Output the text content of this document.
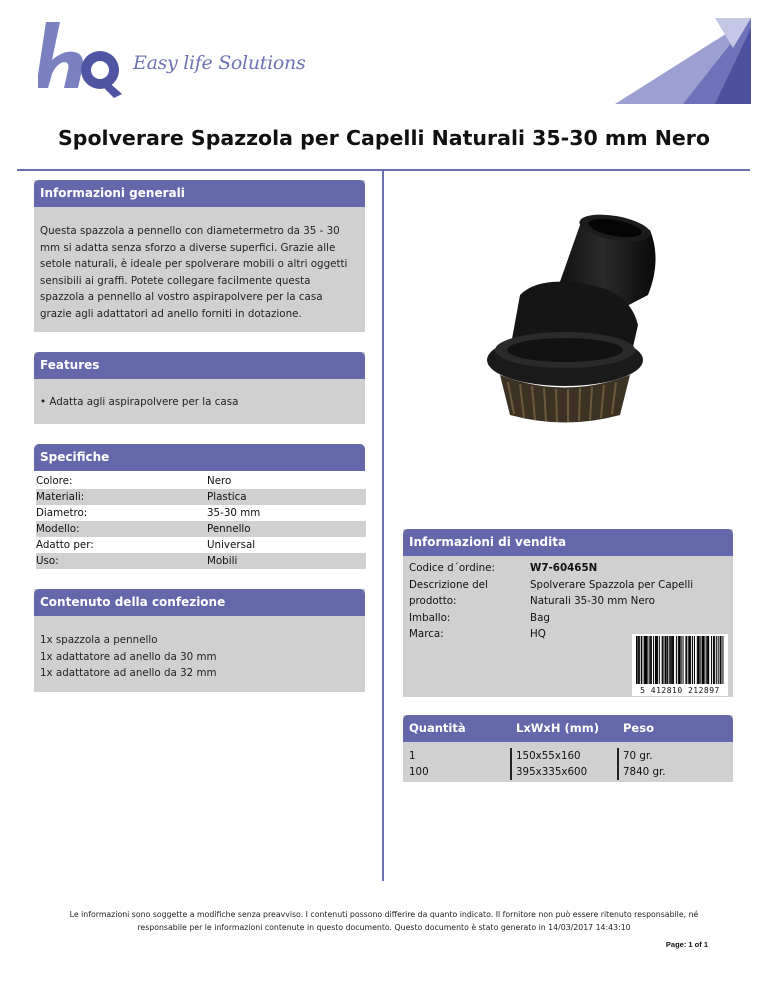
Easy life Solutions
Spolverare Spazzola per Capelli Naturali 35-30 mm Nero
Informazioni generali
Questa spazzola a pennello con diametermetro da 35 - 30
mm si adatta senza sforzo a diverse superfici. Grazie alle
setole naturali, è ideale per spolverare mobili o altri oggetti
sensibili ai graffi. Potete collegare facilmente questa
spazzola a pennello al vostro aspirapolvere per la casa
grazie agli adattatori ad anello forniti in dotazione.
Features
• Adatta agli aspirapolvere per la casa
Specifiche
Colore:	Nero
Materiali:	Plastica
Diametro:	35-30 mm
Modello:	Pennello
Adatto per:	Universal
Uso:	Mobili
Contenuto della confezione
1x spazzola a pennello
1x adattatore ad anello da 30 mm
1x adattatore ad anello da 32 mm
Informazioni di vendita
Codice d´ordine:	W7-60465N
Descrizione del	Spolverare Spazzola per Capelli
prodotto:	Naturali 35-30 mm Nero
Imballo:	Bag
Marca:	HQ
5 412810 212897
Quantità	LxWxH (mm)	Peso
1	150x55x160	70 gr.
100	395x335x600	7840 gr.
Le informazioni sono soggette a modifiche senza preavviso. I contenuti possono differire da quanto indicato. Il fornitore non può essere ritenuto responsabile, né
responsabile per le informazioni contenute in questo documento. Questo documento è stato generato in 14/03/2017 14:43:10
Page: 1 of 1
